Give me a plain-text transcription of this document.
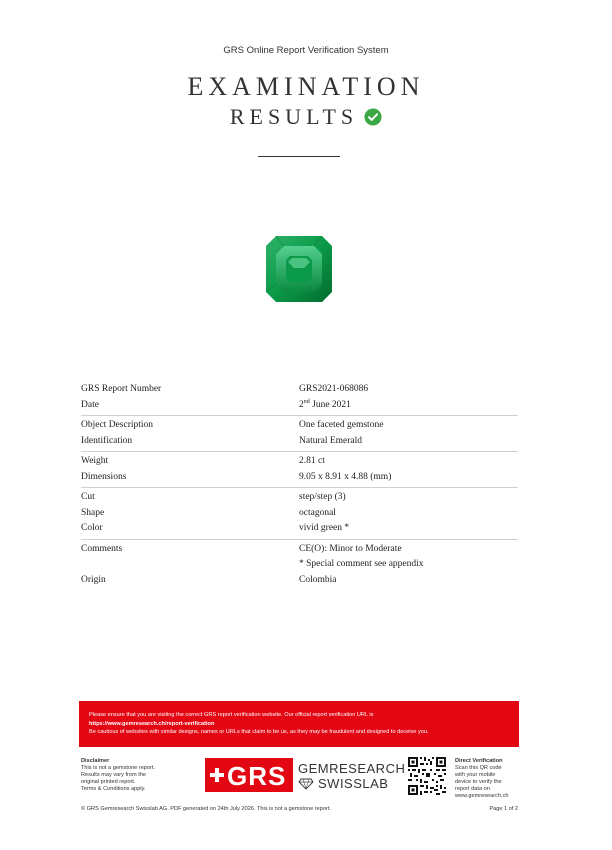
GRS Online Report Verification System
EXAMINATION
RESULTS
GRS Report Number	GRS2021-068086
Date	2nd June 2021
Object Description	One faceted gemstone
Identification	Natural Emerald
Weight	2.81 ct
Dimensions	9.05 x 8.91 x 4.88 (mm)
Cut	step/step (3)
Shape	octagonal
Color	vivid green *
Comments	CE(O): Minor to Moderate
* Special comment see appendix
Origin	Colombia
Please ensure that you are visiting the correct GRS report verification website. Our official report verification URL is
https://www.gemresearch.ch/report-verification
Be cautious of websites with similar designs, names or URLs that claim to be us, as they may be fraudulent and designed to deceive you.
Disclaimer
This is not a gemstone report.
Results may vary from the
original printed report.
Terms & Conditions apply.	GRS GEMRESEARCH
SWISSLAB
Direct Verification
Scan this QR code
with your mobile
device to verify the
report data on
www.gemresearch.ch
© GRS Gemresearch Swisslab AG. PDF generated on 24th July 2026. This is not a gemstone report.	Page 1 of 2
